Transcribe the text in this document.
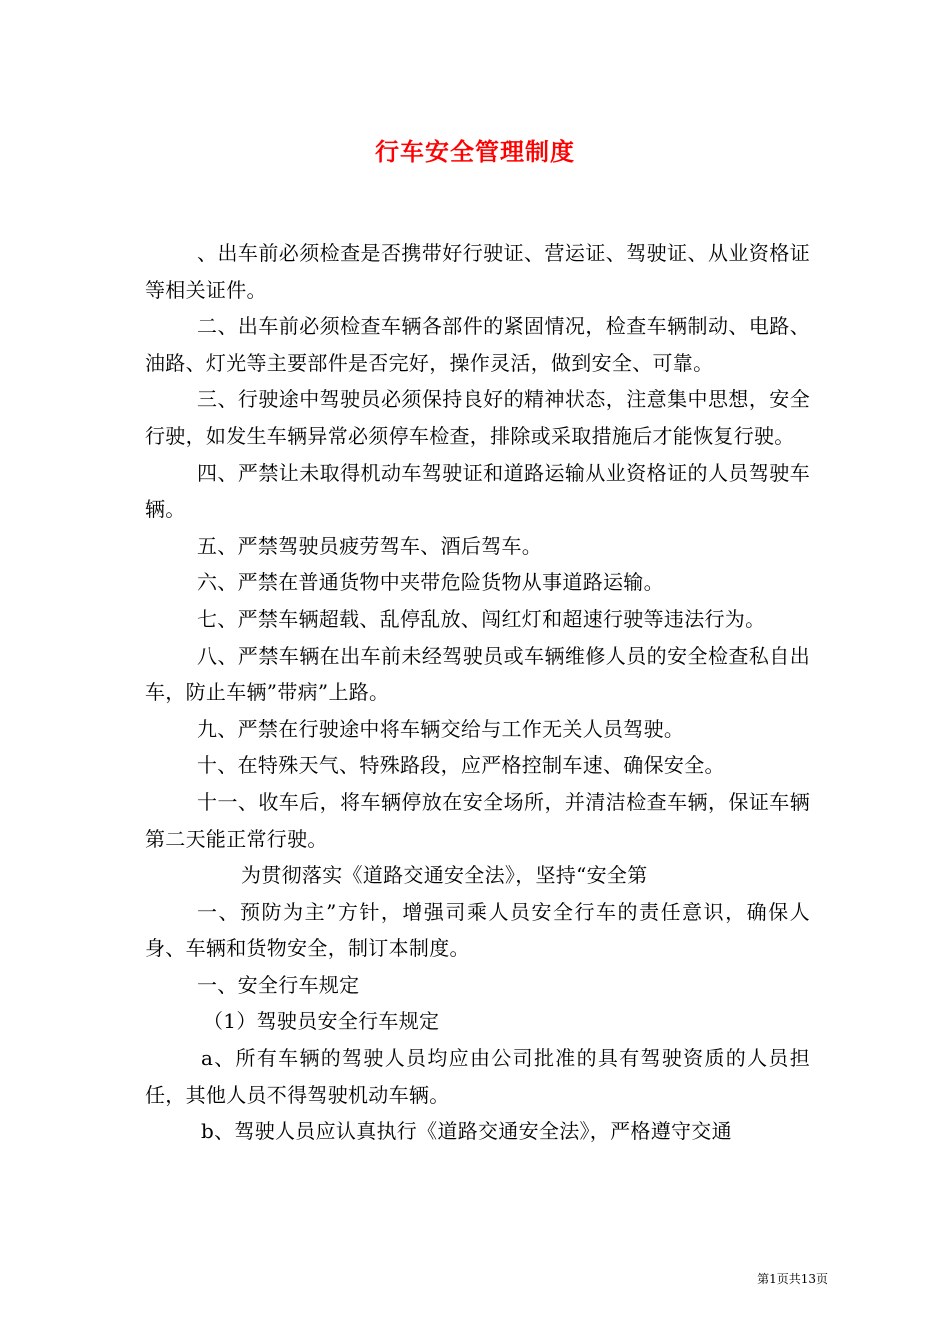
行车安全管理制度

、出车前必须检查是否携带好行驶证、营运证、驾驶证、从业资格证等相关证件。

二、出车前必须检查车辆各部件的紧固情况，检查车辆制动、电路、油路、灯光等主要部件是否完好，操作灵活，做到安全、可靠。

三、行驶途中驾驶员必须保持良好的精神状态，注意集中思想，安全行驶，如发生车辆异常必须停车检查，排除或采取措施后才能恢复行驶。

四、严禁让未取得机动车驾驶证和道路运输从业资格证的人员驾驶车辆。

五、严禁驾驶员疲劳驾车、酒后驾车。

六、严禁在普通货物中夹带危险货物从事道路运输。

七、严禁车辆超载、乱停乱放、闯红灯和超速行驶等违法行为。

八、严禁车辆在出车前未经驾驶员或车辆维修人员的安全检查私自出车，防止车辆”带病”上路。

九、严禁在行驶途中将车辆交给与工作无关人员驾驶。

十、在特殊天气、特殊路段，应严格控制车速、确保安全。

十一、收车后，将车辆停放在安全场所，并清洁检查车辆，保证车辆第二天能正常行驶。

为贯彻落实《道路交通安全法》，坚持“安全第

一、预防为主”方针，增强司乘人员安全行车的责任意识，确保人身、车辆和货物安全，制订本制度。

一、安全行车规定

（1）驾驶员安全行车规定

a、所有车辆的驾驶人员均应由公司批准的具有驾驶资质的人员担任，其他人员不得驾驶机动车辆。

b、驾驶人员应认真执行《道路交通安全法》，严格遵守交通

第1页共13页
